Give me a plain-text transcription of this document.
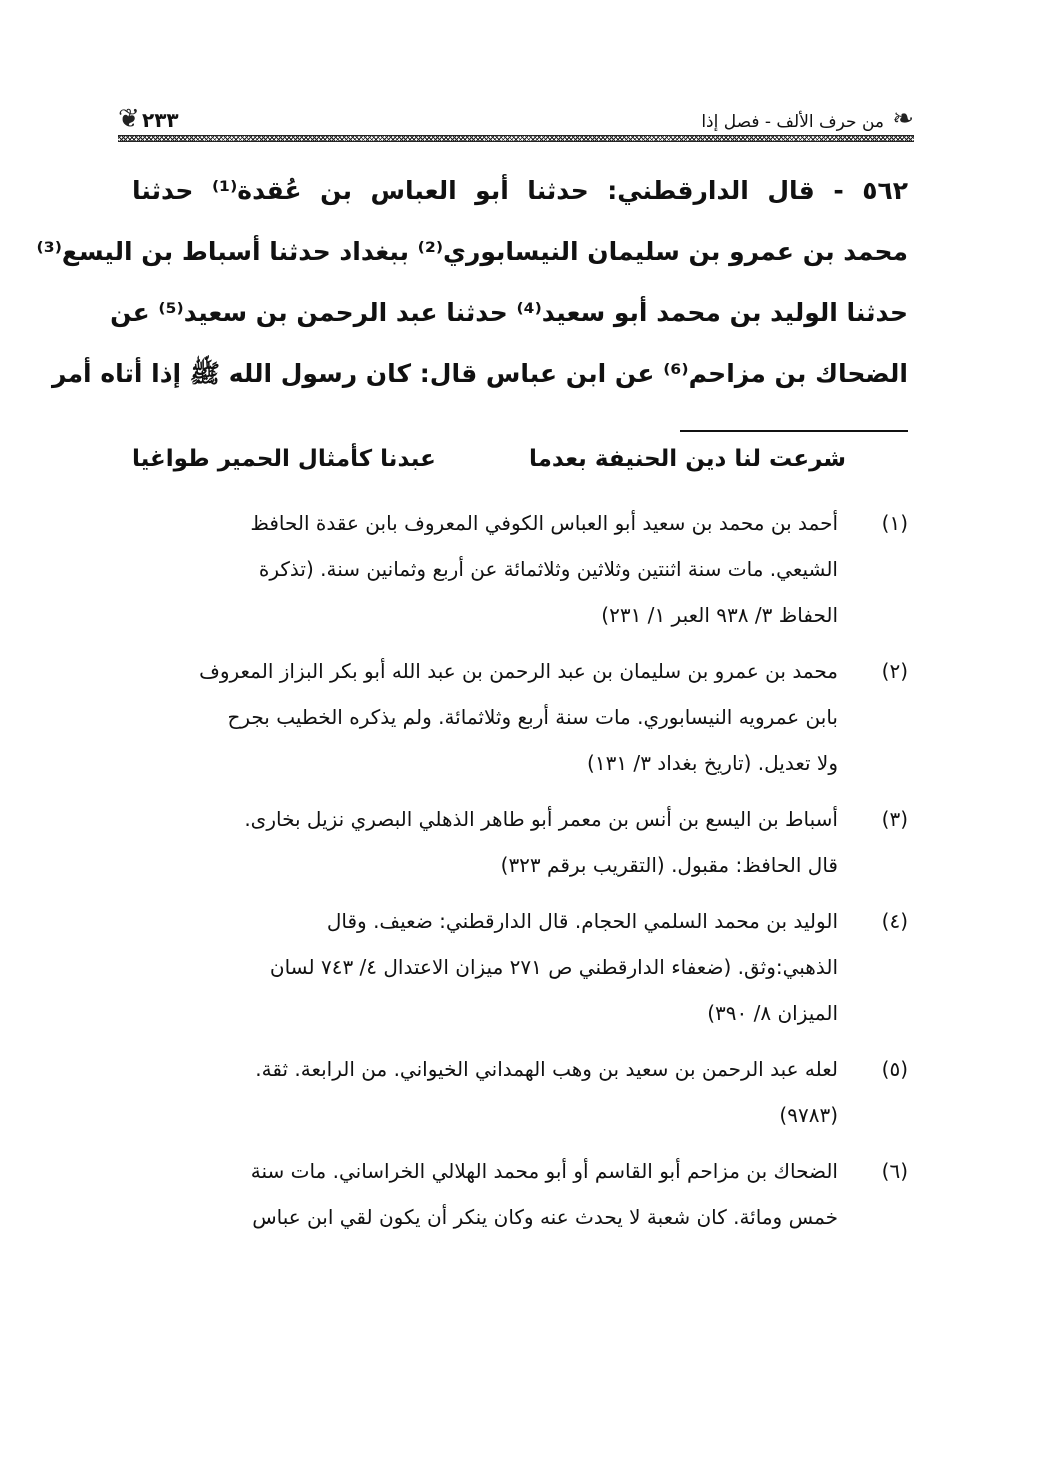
❧
من حرف الألف - فصل إذا
٢٣٣
❦
٥٦٢ - قال الدارقطني: حدثنا أبو العباس بن عُقدة⁽¹⁾ حدثنا
محمد بن عمرو بن سليمان النيسابوري⁽²⁾ ببغداد حدثنا أسباط بن اليسع⁽³⁾
حدثنا الوليد بن محمد أبو سعيد⁽⁴⁾ حدثنا عبد الرحمن بن سعيد⁽⁵⁾ عن
الضحاك بن مزاحم⁽⁶⁾ عن ابن عباس قال: كان رسول الله ﷺ إذا أتاه أمر
شرعت لنا دين الحنيفة بعدما
عبدنا كأمثال الحمير طواغيا
(١)
أحمد بن محمد بن سعيد أبو العباس الكوفي المعروف بابن عقدة الحافظ
الشيعي. مات سنة اثنتين وثلاثين وثلاثمائة عن أربع وثمانين سنة. (تذكرة
الحفاظ ٣/ ٩٣٨ العبر ١/ ٢٣١)
(٢)
محمد بن عمرو بن سليمان بن عبد الرحمن بن عبد الله أبو بكر البزاز المعروف
بابن عمرويه النيسابوري. مات سنة أربع وثلاثمائة. ولم يذكره الخطيب بجرح
ولا تعديل. (تاريخ بغداد ٣/ ١٣١)
(٣)
أسباط بن اليسع بن أنس بن معمر أبو طاهر الذهلي البصري نزيل بخارى.
قال الحافظ: مقبول. (التقريب برقم ٣٢٣)
(٤)
الوليد بن محمد السلمي الحجام. قال الدارقطني: ضعيف. وقال
الذهبي:وثق. (ضعفاء الدارقطني ص ٢٧١ ميزان الاعتدال ٤/ ٧٤٣ لسان
الميزان ٨/ ٣٩٠)
(٥)
لعله عبد الرحمن بن سعيد بن وهب الهمداني الخيواني. من الرابعة. ثقة.
(٩٧٨٣)
(٦)
الضحاك بن مزاحم أبو القاسم أو أبو محمد الهلالي الخراساني. مات سنة
خمس ومائة. كان شعبة لا يحدث عنه وكان ينكر أن يكون لقي ابن عباس
